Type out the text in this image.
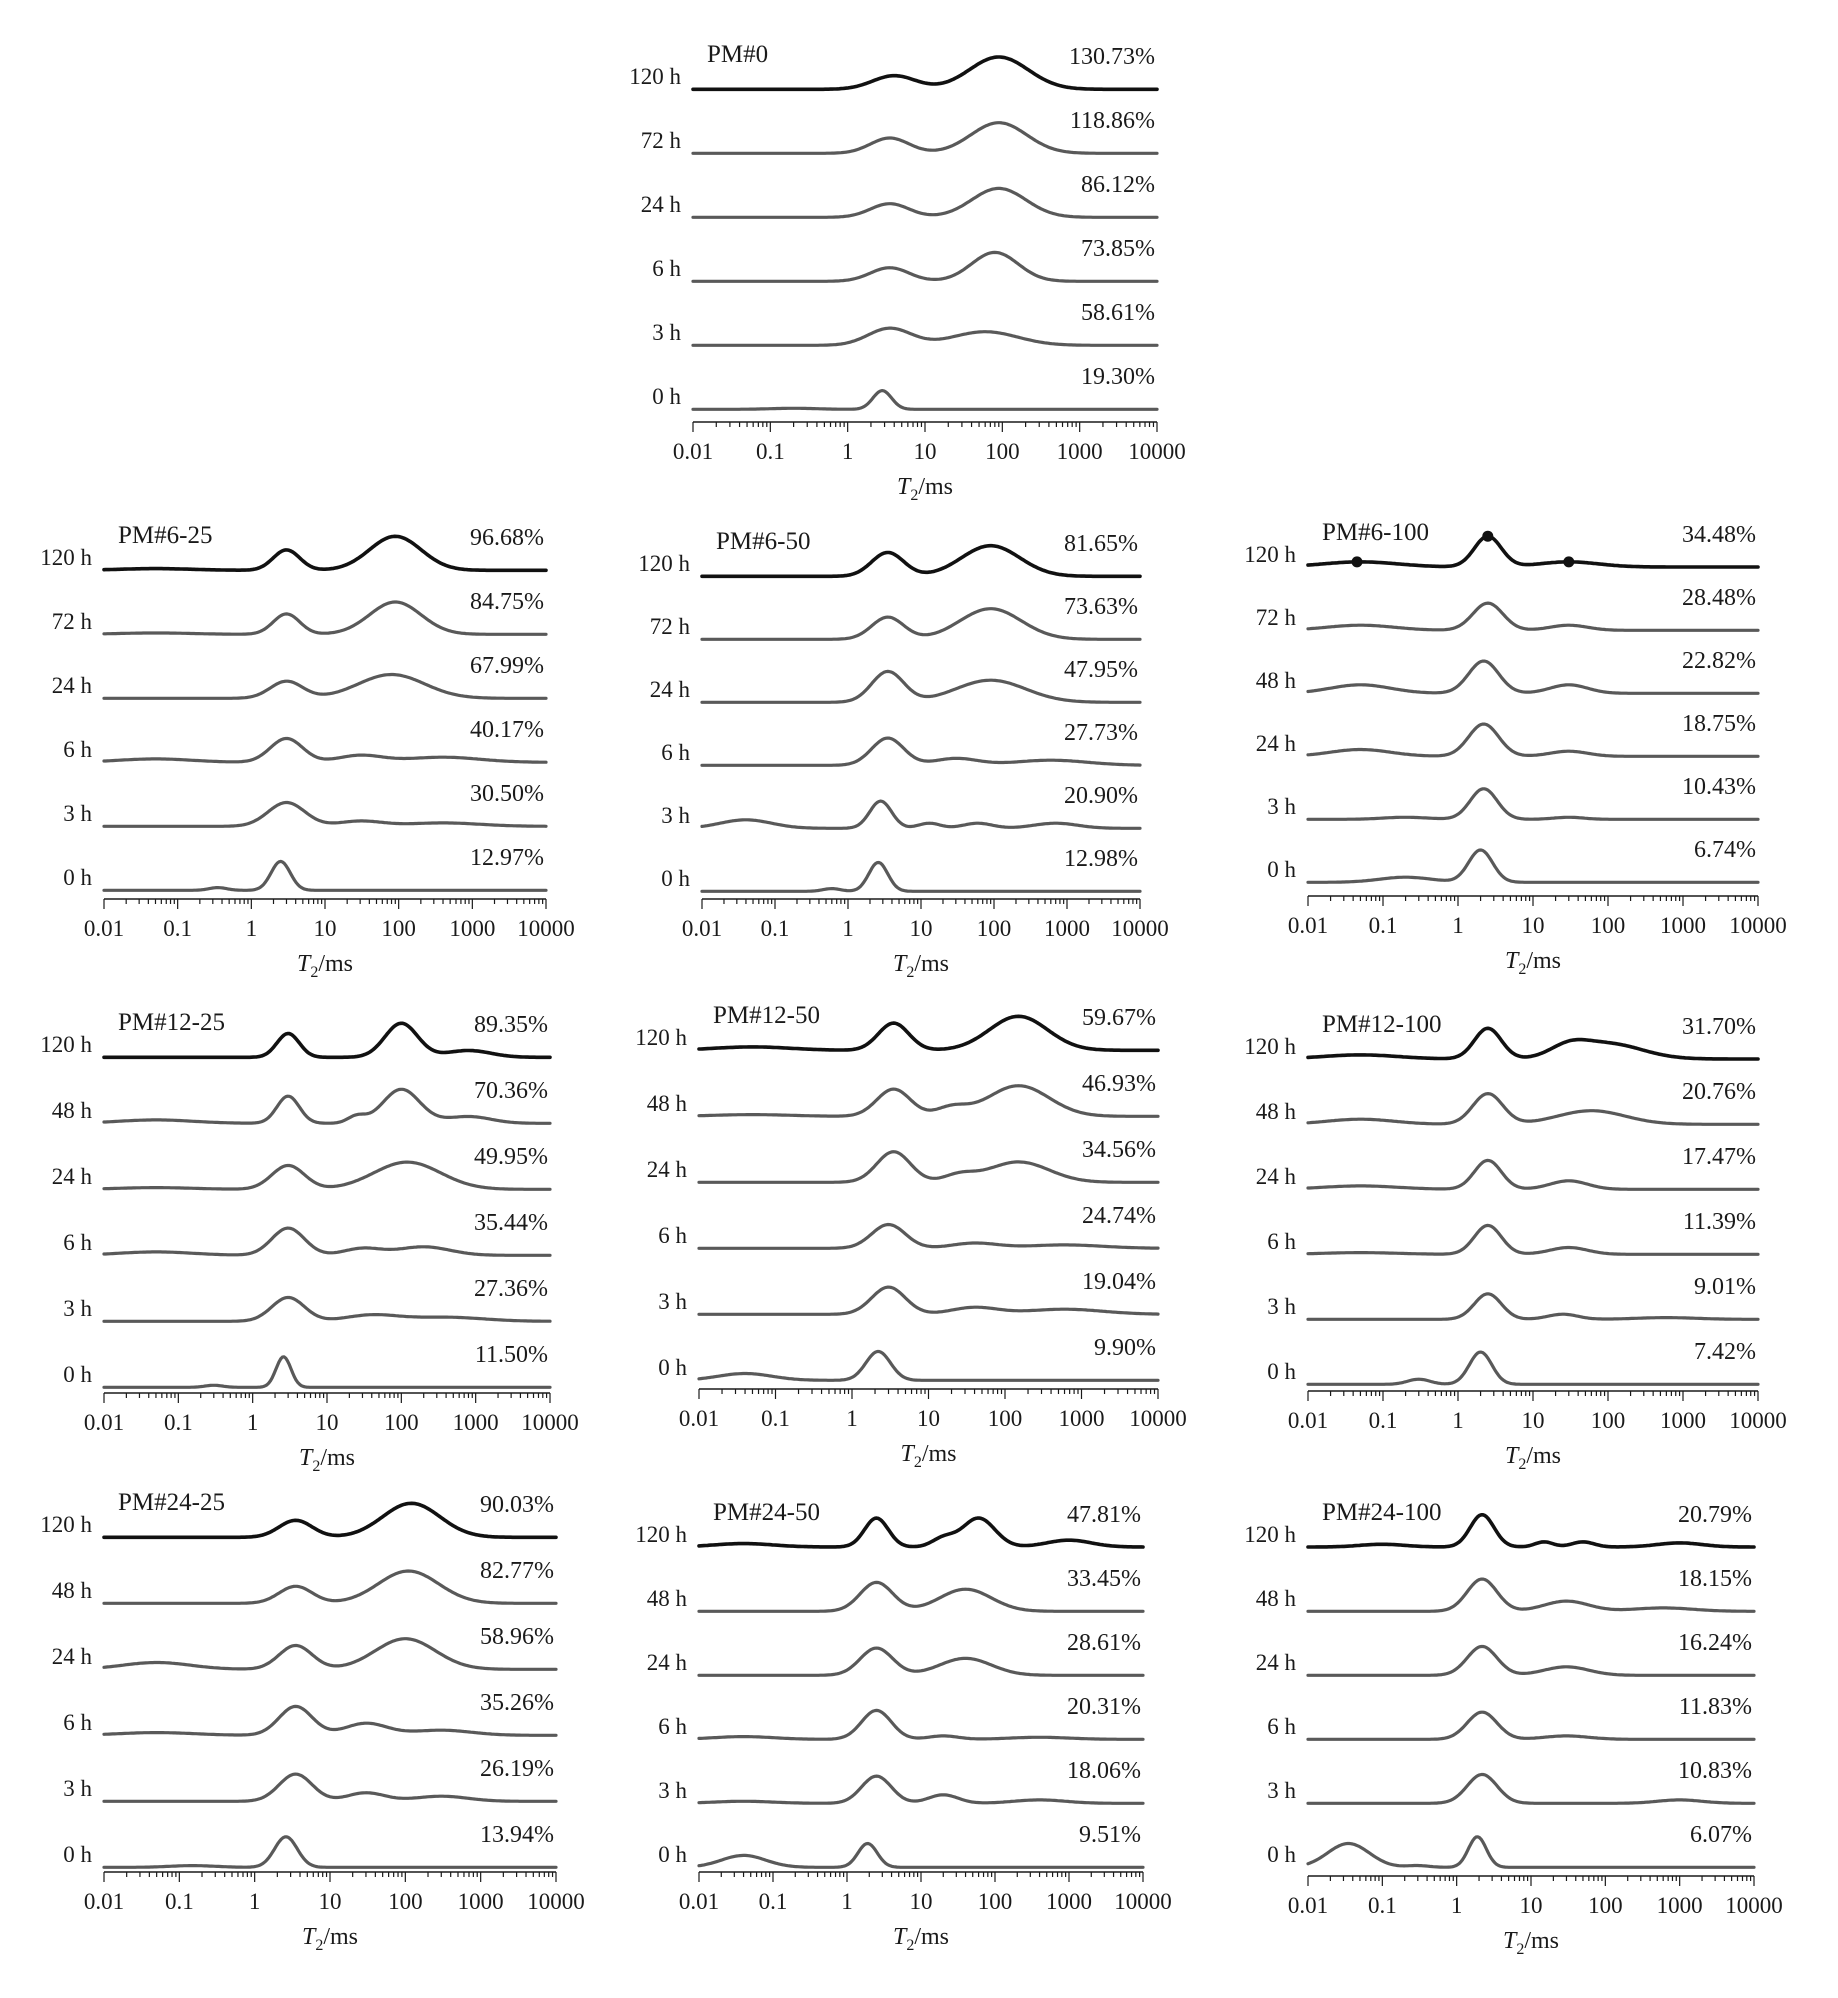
PM#0
120 h
130.73%
72 h
118.86%
24 h
86.12%
6 h
73.85%
3 h
58.61%
0 h
19.30%
0.01 0.1 1	10 100 1000 10000
$T_2/ms$
PM#6-25
120 h
96.68%
72 h
84.75%
24 h
67.99%
6 h
40.17%
3 h
30.50%
0 h
12.97%
0.01 0.1 1 10 100 1000 10000
$T_2/ms$
PM#6-50
120 h
81.65%
72 h
73.63%
24 h
47.95%
6 h
27.73%
3 h
20.90%
0 h
12.98%
0.01 0.1 1 10 100 1000 10000
$T_2/ms$
PM#6-100
120 h
34.48%
72 h
28.48%
48 h
22.82%
24 h
18.75%
3 h
10.43%
0 h
6.74%
0.01 0.1 1	10 100 1000 10000
$T_2/ms$
PM#12-25
120 h
89.35%
48 h
70.36%
24 h
49.95%
6 h
35.44%
3 h
27.36%
0 h
11.50%
0.01 0.1 1 10 100 1000 10000
$T_2/ms$
PM#12-50
120 h
59.67%
48 h
46.93%
24 h
34.56%
6 h
24.74%
3 h
19.04%
0 h
9.90%
0.01 0.1 1	10 100 1000 10000
$T_2/ms$
PM#12-100
120 h
31.70%
48 h
20.76%
24 h
17.47%
6 h
11.39%
3 h
9.01%
0 h
7.42%
0.01 0.1 1	10 100 1000 10000
$T_2/ms$
PM#24-25
120 h
90.03%
48 h
82.77%
24 h
58.96%
6 h
35.26%
3 h
26.19%
0 h
13.94%
0.01 0.1 1	10 100 1000 10000
$T_2/ms$
PM#24-50
120 h
47.81%
48 h
33.45%
24 h
28.61%
6 h
20.31%
3 h
18.06%
0 h
9.51%
0.01 0.1 1 10 100 1000 10000
$T_2/ms$
PM#24-100
120 h
20.79%
48 h
18.15%
24 h
16.24%
6 h
11.83%
3 h
10.83%
0 h
6.07%
0.01 0.1 1 10 100 1000 10000
$T_2/ms$
